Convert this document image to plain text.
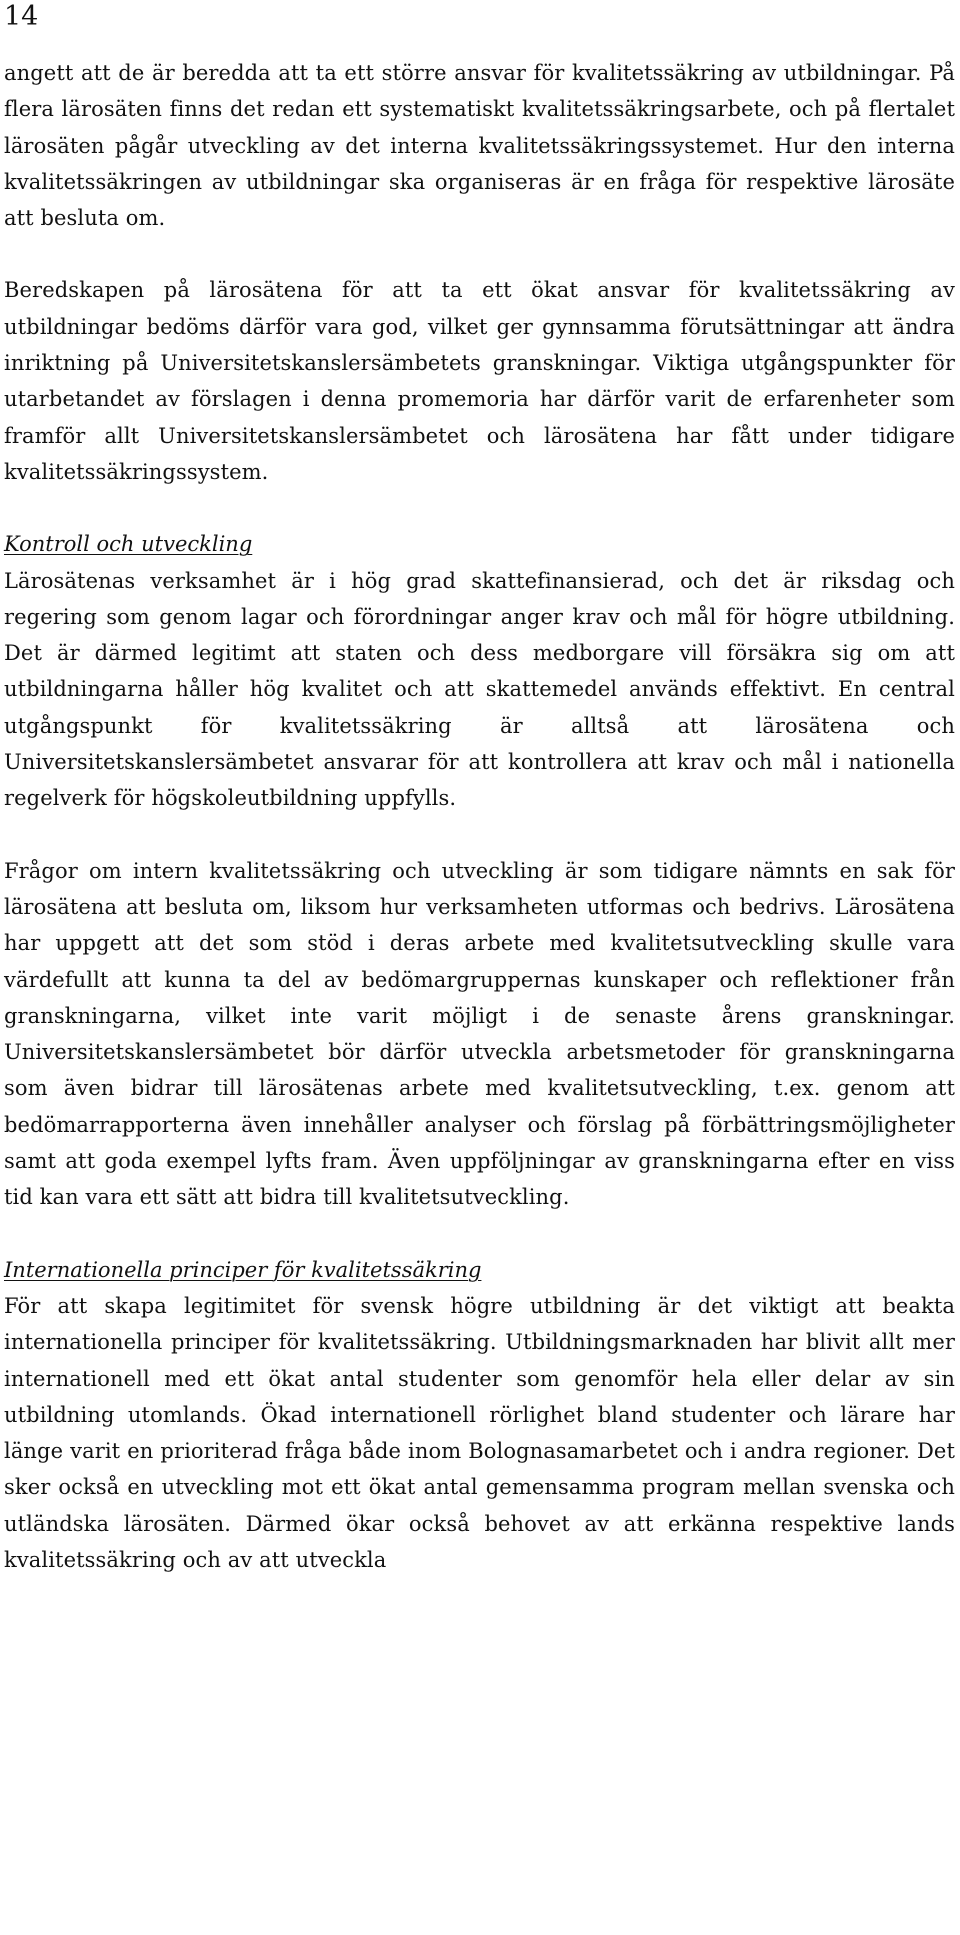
14

angett att de är beredda att ta ett större ansvar för kvalitetssäkring av utbildningar. På flera lärosäten finns det redan ett systematiskt kvalitetssäkringsarbete, och på flertalet lärosäten pågår utveckling av det interna kvalitetssäkringssystemet. Hur den interna kvalitetssäkringen av utbildningar ska organiseras är en fråga för respektive lärosäte att besluta om.

Beredskapen på lärosätena för att ta ett ökat ansvar för kvalitetssäkring av utbildningar bedöms därför vara god, vilket ger gynnsamma förutsättningar att ändra inriktning på Universitetskanslersämbetets granskningar. Viktiga utgångspunkter för utarbetandet av förslagen i denna promemoria har därför varit de erfarenheter som framför allt Universitetskanslersämbetet och lärosätena har fått under tidigare kvalitetssäkringssystem.

Kontroll och utveckling

Lärosätenas verksamhet är i hög grad skattefinansierad, och det är riksdag och regering som genom lagar och förordningar anger krav och mål för högre utbildning. Det är därmed legitimt att staten och dess medborgare vill försäkra sig om att utbildningarna håller hög kvalitet och att skattemedel används effektivt. En central utgångspunkt för kvalitetssäkring är alltså att lärosätena och Universitetskanslersämbetet ansvarar för att kontrollera att krav och mål i nationella regelverk för högskoleutbildning uppfylls.

Frågor om intern kvalitetssäkring och utveckling är som tidigare nämnts en sak för lärosätena att besluta om, liksom hur verksamheten utformas och bedrivs. Lärosätena har uppgett att det som stöd i deras arbete med kvalitetsutveckling skulle vara värdefullt att kunna ta del av bedömargruppernas kunskaper och reflektioner från granskningarna, vilket inte varit möjligt i de senaste årens granskningar. Universitetskanslersämbetet bör därför utveckla arbetsmetoder för granskningarna som även bidrar till lärosätenas arbete med kvalitetsutveckling, t.ex. genom att bedömarrapporterna även innehåller analyser och förslag på förbättringsmöjligheter samt att goda exempel lyfts fram. Även uppföljningar av granskningarna efter en viss tid kan vara ett sätt att bidra till kvalitetsutveckling.

Internationella principer för kvalitetssäkring

För att skapa legitimitet för svensk högre utbildning är det viktigt att beakta internationella principer för kvalitetssäkring. Utbildningsmarknaden har blivit allt mer internationell med ett ökat antal studenter som genomför hela eller delar av sin utbildning utomlands. Ökad internationell rörlighet bland studenter och lärare har länge varit en prioriterad fråga både inom Bolognasamarbetet och i andra regioner. Det sker också en utveckling mot ett ökat antal gemensamma program mellan svenska och utländska lärosäten. Därmed ökar också behovet av att erkänna respektive lands kvalitetssäkring och av att utveckla
